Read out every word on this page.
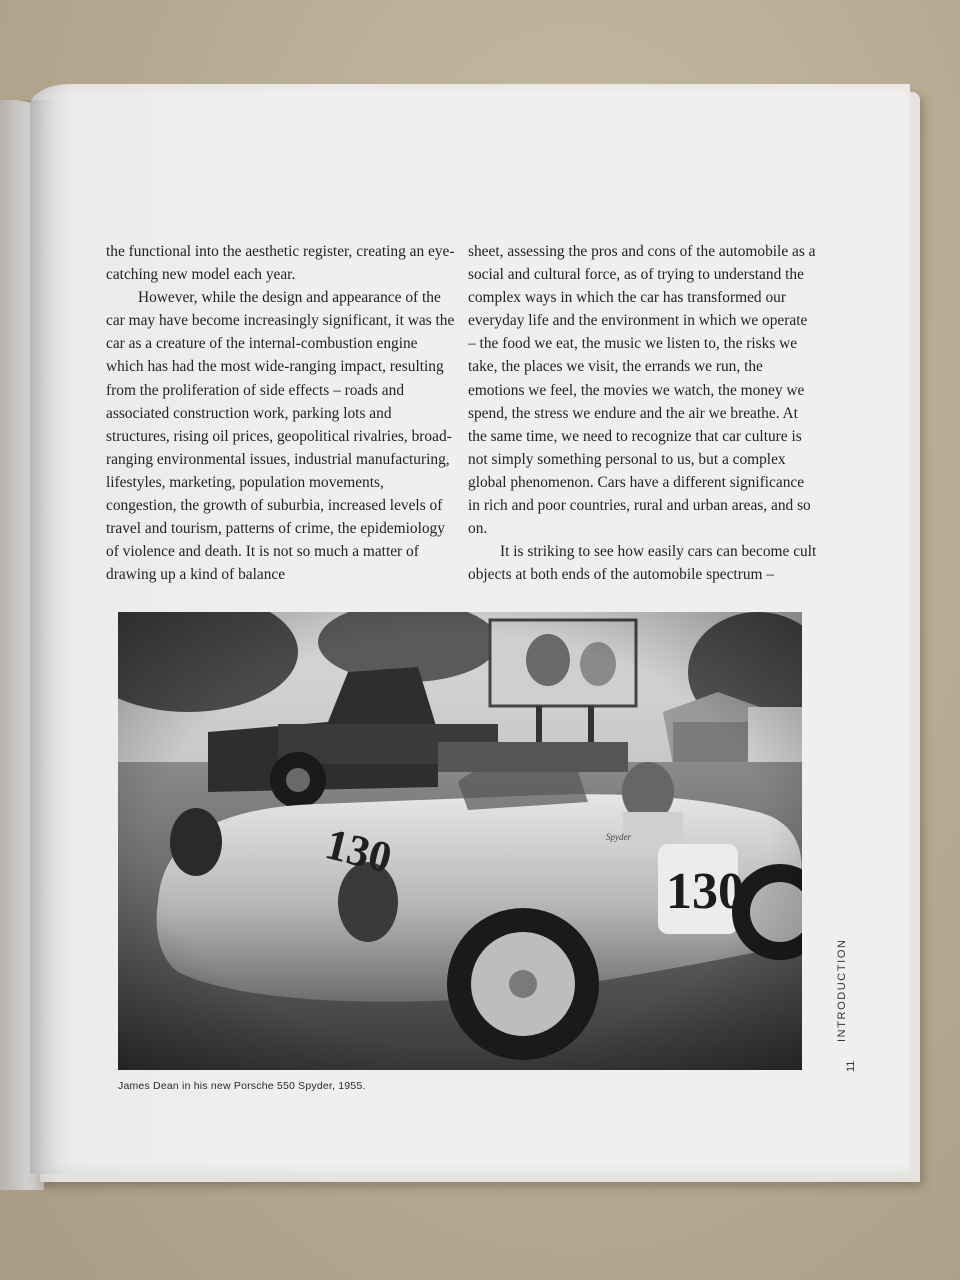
the functional into the aesthetic register, creating an eye-catching new model each year.

However, while the design and appearance of the car may have become increasingly significant, it was the car as a creature of the internal-combustion engine which has had the most wide-ranging impact, resulting from the proliferation of side effects – roads and associated construction work, parking lots and structures, rising oil prices, geopolitical rivalries, broad-ranging environmental issues, industrial manufacturing, lifestyles, marketing, population movements, congestion, the growth of suburbia, increased levels of travel and tourism, patterns of crime, the epidemiology of violence and death. It is not so much a matter of drawing up a kind of balance

sheet, assessing the pros and cons of the automobile as a social and cultural force, as of trying to understand the complex ways in which the car has transformed our everyday life and the environment in which we operate – the food we eat, the music we listen to, the risks we take, the places we visit, the errands we run, the emotions we feel, the movies we watch, the money we spend, the stress we endure and the air we breathe. At the same time, we need to recognize that car culture is not simply something personal to us, but a complex global phenomenon. Cars have a different significance in rich and poor countries, rural and urban areas, and so on.

It is striking to see how easily cars can become cult objects at both ends of the automobile spectrum –

James Dean in his new Porsche 550 Spyder, 1955.
INTRODUCTION
11
